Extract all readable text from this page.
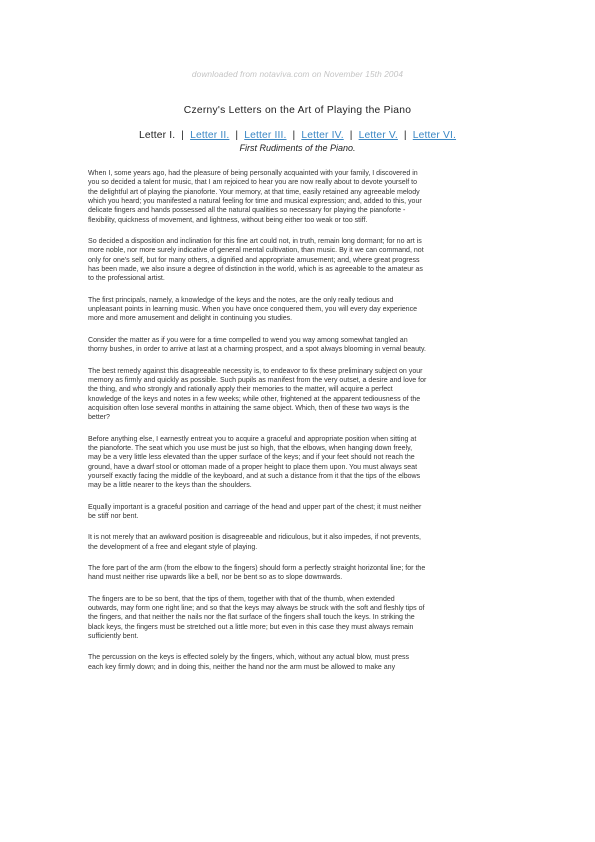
downloaded from notaviva.com on November 15th 2004
Czerny's Letters on the Art of Playing the Piano
Letter I. | Letter II. | Letter III. | Letter IV. | Letter V. | Letter VI.
First Rudiments of the Piano.

When I, some years ago, had the pleasure of being personally acquainted with your family, I discovered in
you so decided a talent for music, that I am rejoiced to hear you are now really about to devote yourself to
the delightful art of playing the pianoforte. Your memory, at that time, easily retained any agreeable melody
which you heard; you manifested a natural feeling for time and musical expression; and, added to this, your
delicate fingers and hands possessed all the natural qualities so necessary for playing the pianoforte -
flexibility, quickness of movement, and lightness, without being either too weak or too stiff.

So decided a disposition and inclination for this fine art could not, in truth, remain long dormant; for no art is
more noble, nor more surely indicative of general mental cultivation, than music. By it we can command, not
only for one's self, but for many others, a dignified and appropriate amusement; and, where great progress
has been made, we also insure a degree of distinction in the world, which is as agreeable to the amateur as
to the professional artist.

The first principals, namely, a knowledge of the keys and the notes, are the only really tedious and
unpleasant points in learning music. When you have once conquered them, you will every day experience
more and more amusement and delight in continuing you studies.

Consider the matter as if you were for a time compelled to wend you way among somewhat tangled an
thorny bushes, in order to arrive at last at a charming prospect, and a spot always blooming in vernal beauty.

The best remedy against this disagreeable necessity is, to endeavor to fix these preliminary subject on your
memory as firmly and quickly as possible. Such pupils as manifest from the very outset, a desire and love for
the thing, and who strongly and rationally apply their memories to the matter, will acquire a perfect
knowledge of the keys and notes in a few weeks; while other, frightened at the apparent tediousness of the
acquisition often lose several months in attaining the same object. Which, then of these two ways is the
better?

Before anything else, I earnestly entreat you to acquire a graceful and appropriate position when sitting at
the pianoforte. The seat which you use must be just so high, that the elbows, when hanging down freely,
may be a very little less elevated than the upper surface of the keys; and if your feet should not reach the
ground, have a dwarf stool or ottoman made of a proper height to place them upon. You must always seat
yourself exactly facing the middle of the keyboard, and at such a distance from it that the tips of the elbows
may be a little nearer to the keys than the shoulders.

Equally important is a graceful position and carriage of the head and upper part of the chest; it must neither
be stiff nor bent.

It is not merely that an awkward position is disagreeable and ridiculous, but it also impedes, if not prevents,
the development of a free and elegant style of playing.

The fore part of the arm (from the elbow to the fingers) should form a perfectly straight horizontal line; for the
hand must neither rise upwards like a bell, nor be bent so as to slope downwards.

The fingers are to be so bent, that the tips of them, together with that of the thumb, when extended
outwards, may form one right line; and so that the keys may always be struck with the soft and fleshly tips of
the fingers, and that neither the nails nor the flat surface of the fingers shall touch the keys. In striking the
black keys, the fingers must be stretched out a little more; but even in this case they must always remain
sufficiently bent.

The percussion on the keys is effected solely by the fingers, which, without any actual blow, must press
each key firmly down; and in doing this, neither the hand nor the arm must be allowed to make any
